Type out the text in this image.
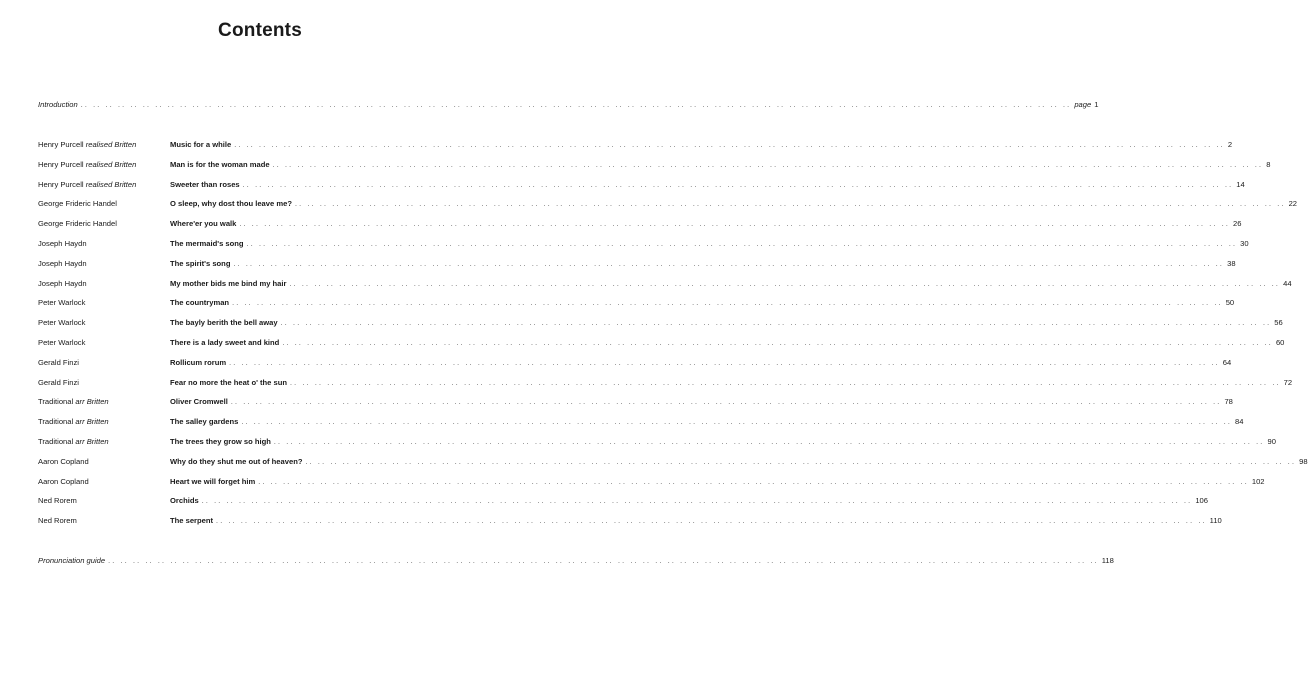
Contents
Introduction .. .. .. .. .. .. .. .. .. .. .. .. .. .. .. .. .. .. .. .. .. .. .. .. .. .. .. .. .. .. .. .. .. .. .. .. .. .. .. .. .. .. .. .. .. .. .. .. .. .. .. .. .. .. .. .. .. .. .. .. .. .. .. .. .. .. .. .. .. .. .. .. .. .. .. .. .. .. .. .. page 1
Henry Purcell realised Britten	Music for a while .. .. .. .. .. .. .. .. .. .. .. .. .. .. .. .. .. .. .. .. .. .. .. .. .. .. .. .. .. .. .. .. .. .. .. .. .. .. .. .. .. .. .. .. .. .. .. .. .. .. .. .. .. .. .. .. .. .. .. .. .. .. .. .. .. .. .. .. .. .. .. .. .. .. .. .. .. .. .. .. 2
Henry Purcell realised Britten	Man is for the woman made .. .. .. .. .. .. .. .. .. .. .. .. .. .. .. .. .. .. .. .. .. .. .. .. .. .. .. .. .. .. .. .. .. .. .. .. .. .. .. .. .. .. .. .. .. .. .. .. .. .. .. .. .. .. .. .. .. .. .. .. .. .. .. .. .. .. .. .. .. .. .. .. .. .. .. .. .. .. .. .. 8
Henry Purcell realised Britten	Sweeter than roses .. .. .. .. .. .. .. .. .. .. .. .. .. .. .. .. .. .. .. .. .. .. .. .. .. .. .. .. .. .. .. .. .. .. .. .. .. .. .. .. .. .. .. .. .. .. .. .. .. .. .. .. .. .. .. .. .. .. .. .. .. .. .. .. .. .. .. .. .. .. .. .. .. .. .. .. .. .. .. .. 14
George Frideric Handel	O sleep, why dost thou leave me? .. .. .. .. .. .. .. .. .. .. .. .. .. .. .. .. .. .. .. .. .. .. .. .. .. .. .. .. .. .. .. .. .. .. .. .. .. .. .. .. .. .. .. .. .. .. .. .. .. .. .. .. .. .. .. .. .. .. .. .. .. .. .. .. .. .. .. .. .. .. .. .. .. .. .. .. .. .. .. .. 22
George Frideric Handel	Where'er you walk .. .. .. .. .. .. .. .. .. .. .. .. .. .. .. .. .. .. .. .. .. .. .. .. .. .. .. .. .. .. .. .. .. .. .. .. .. .. .. .. .. .. .. .. .. .. .. .. .. .. .. .. .. .. .. .. .. .. .. .. .. .. .. .. .. .. .. .. .. .. .. .. .. .. .. .. .. .. .. .. 26
Joseph Haydn	The mermaid's song .. .. .. .. .. .. .. .. .. .. .. .. .. .. .. .. .. .. .. .. .. .. .. .. .. .. .. .. .. .. .. .. .. .. .. .. .. .. .. .. .. .. .. .. .. .. .. .. .. .. .. .. .. .. .. .. .. .. .. .. .. .. .. .. .. .. .. .. .. .. .. .. .. .. .. .. .. .. .. .. 30
Joseph Haydn	The spirit's song .. .. .. .. .. .. .. .. .. .. .. .. .. .. .. .. .. .. .. .. .. .. .. .. .. .. .. .. .. .. .. .. .. .. .. .. .. .. .. .. .. .. .. .. .. .. .. .. .. .. .. .. .. .. .. .. .. .. .. .. .. .. .. .. .. .. .. .. .. .. .. .. .. .. .. .. .. .. .. .. 38
Joseph Haydn	My mother bids me bind my hair .. .. .. .. .. .. .. .. .. .. .. .. .. .. .. .. .. .. .. .. .. .. .. .. .. .. .. .. .. .. .. .. .. .. .. .. .. .. .. .. .. .. .. .. .. .. .. .. .. .. .. .. .. .. .. .. .. .. .. .. .. .. .. .. .. .. .. .. .. .. .. .. .. .. .. .. .. .. .. .. 44
Peter Warlock	The countryman .. .. .. .. .. .. .. .. .. .. .. .. .. .. .. .. .. .. .. .. .. .. .. .. .. .. .. .. .. .. .. .. .. .. .. .. .. .. .. .. .. .. .. .. .. .. .. .. .. .. .. .. .. .. .. .. .. .. .. .. .. .. .. .. .. .. .. .. .. .. .. .. .. .. .. .. .. .. .. .. 50
Peter Warlock	The bayly berith the bell away .. .. .. .. .. .. .. .. .. .. .. .. .. .. .. .. .. .. .. .. .. .. .. .. .. .. .. .. .. .. .. .. .. .. .. .. .. .. .. .. .. .. .. .. .. .. .. .. .. .. .. .. .. .. .. .. .. .. .. .. .. .. .. .. .. .. .. .. .. .. .. .. .. .. .. .. .. .. .. .. 56
Peter Warlock	There is a lady sweet and kind .. .. .. .. .. .. .. .. .. .. .. .. .. .. .. .. .. .. .. .. .. .. .. .. .. .. .. .. .. .. .. .. .. .. .. .. .. .. .. .. .. .. .. .. .. .. .. .. .. .. .. .. .. .. .. .. .. .. .. .. .. .. .. .. .. .. .. .. .. .. .. .. .. .. .. .. .. .. .. .. 60
Gerald Finzi	Rollicum rorum .. .. .. .. .. .. .. .. .. .. .. .. .. .. .. .. .. .. .. .. .. .. .. .. .. .. .. .. .. .. .. .. .. .. .. .. .. .. .. .. .. .. .. .. .. .. .. .. .. .. .. .. .. .. .. .. .. .. .. .. .. .. .. .. .. .. .. .. .. .. .. .. .. .. .. .. .. .. .. .. 64
Gerald Finzi	Fear no more the heat o' the sun .. .. .. .. .. .. .. .. .. .. .. .. .. .. .. .. .. .. .. .. .. .. .. .. .. .. .. .. .. .. .. .. .. .. .. .. .. .. .. .. .. .. .. .. .. .. .. .. .. .. .. .. .. .. .. .. .. .. .. .. .. .. .. .. .. .. .. .. .. .. .. .. .. .. .. .. .. .. .. .. 72
Traditional arr Britten	Oliver Cromwell .. .. .. .. .. .. .. .. .. .. .. .. .. .. .. .. .. .. .. .. .. .. .. .. .. .. .. .. .. .. .. .. .. .. .. .. .. .. .. .. .. .. .. .. .. .. .. .. .. .. .. .. .. .. .. .. .. .. .. .. .. .. .. .. .. .. .. .. .. .. .. .. .. .. .. .. .. .. .. .. 78
Traditional arr Britten	The salley gardens .. .. .. .. .. .. .. .. .. .. .. .. .. .. .. .. .. .. .. .. .. .. .. .. .. .. .. .. .. .. .. .. .. .. .. .. .. .. .. .. .. .. .. .. .. .. .. .. .. .. .. .. .. .. .. .. .. .. .. .. .. .. .. .. .. .. .. .. .. .. .. .. .. .. .. .. .. .. .. .. 84
Traditional arr Britten	The trees they grow so high .. .. .. .. .. .. .. .. .. .. .. .. .. .. .. .. .. .. .. .. .. .. .. .. .. .. .. .. .. .. .. .. .. .. .. .. .. .. .. .. .. .. .. .. .. .. .. .. .. .. .. .. .. .. .. .. .. .. .. .. .. .. .. .. .. .. .. .. .. .. .. .. .. .. .. .. .. .. .. .. 90
Aaron Copland	Why do they shut me out of heaven? .. .. .. .. .. .. .. .. .. .. .. .. .. .. .. .. .. .. .. .. .. .. .. .. .. .. .. .. .. .. .. .. .. .. .. .. .. .. .. .. .. .. .. .. .. .. .. .. .. .. .. .. .. .. .. .. .. .. .. .. .. .. .. .. .. .. .. .. .. .. .. .. .. .. .. .. .. .. .. .. 98
Aaron Copland	Heart we will forget him .. .. .. .. .. .. .. .. .. .. .. .. .. .. .. .. .. .. .. .. .. .. .. .. .. .. .. .. .. .. .. .. .. .. .. .. .. .. .. .. .. .. .. .. .. .. .. .. .. .. .. .. .. .. .. .. .. .. .. .. .. .. .. .. .. .. .. .. .. .. .. .. .. .. .. .. .. .. .. .. 102
Ned Rorem	Orchids .. .. .. .. .. .. .. .. .. .. .. .. .. .. .. .. .. .. .. .. .. .. .. .. .. .. .. .. .. .. .. .. .. .. .. .. .. .. .. .. .. .. .. .. .. .. .. .. .. .. .. .. .. .. .. .. .. .. .. .. .. .. .. .. .. .. .. .. .. .. .. .. .. .. .. .. .. .. .. .. 106
Ned Rorem	The serpent .. .. .. .. .. .. .. .. .. .. .. .. .. .. .. .. .. .. .. .. .. .. .. .. .. .. .. .. .. .. .. .. .. .. .. .. .. .. .. .. .. .. .. .. .. .. .. .. .. .. .. .. .. .. .. .. .. .. .. .. .. .. .. .. .. .. .. .. .. .. .. .. .. .. .. .. .. .. .. .. 110
Pronunciation guide .. .. .. .. .. .. .. .. .. .. .. .. .. .. .. .. .. .. .. .. .. .. .. .. .. .. .. .. .. .. .. .. .. .. .. .. .. .. .. .. .. .. .. .. .. .. .. .. .. .. .. .. .. .. .. .. .. .. .. .. .. .. .. .. .. .. .. .. .. .. .. .. .. .. .. .. .. .. .. .. 118
